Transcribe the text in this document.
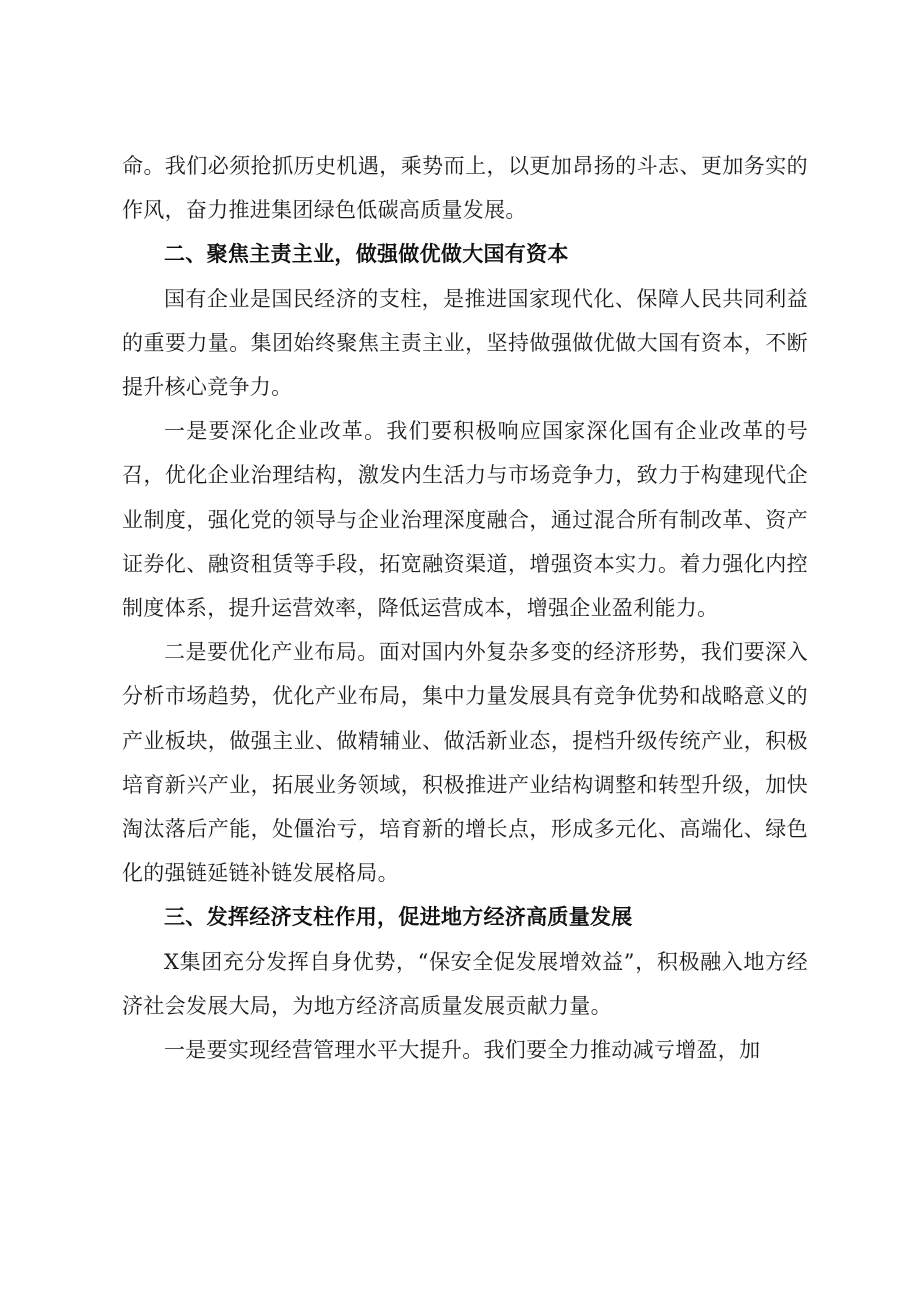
命。我们必须抢抓历史机遇，乘势而上，以更加昂扬的斗志、更加务实的作风，奋力推进集团绿色低碳高质量发展。

二、聚焦主责主业，做强做优做大国有资本

国有企业是国民经济的支柱，是推进国家现代化、保障人民共同利益的重要力量。集团始终聚焦主责主业，坚持做强做优做大国有资本，不断提升核心竞争力。

一是要深化企业改革。我们要积极响应国家深化国有企业改革的号召，优化企业治理结构，激发内生活力与市场竞争力，致力于构建现代企业制度，强化党的领导与企业治理深度融合，通过混合所有制改革、资产证券化、融资租赁等手段，拓宽融资渠道，增强资本实力。着力强化内控制度体系，提升运营效率，降低运营成本，增强企业盈利能力。

二是要优化产业布局。面对国内外复杂多变的经济形势，我们要深入分析市场趋势，优化产业布局，集中力量发展具有竞争优势和战略意义的产业板块，做强主业、做精辅业、做活新业态，提档升级传统产业，积极培育新兴产业，拓展业务领域，积极推进产业结构调整和转型升级，加快淘汰落后产能，处僵治亏，培育新的增长点，形成多元化、高端化、绿色化的强链延链补链发展格局。

三、发挥经济支柱作用，促进地方经济高质量发展

X集团充分发挥自身优势，“保安全促发展增效益”，积极融入地方经济社会发展大局，为地方经济高质量发展贡献力量。

一是要实现经营管理水平大提升。我们要全力推动减亏增盈，加
